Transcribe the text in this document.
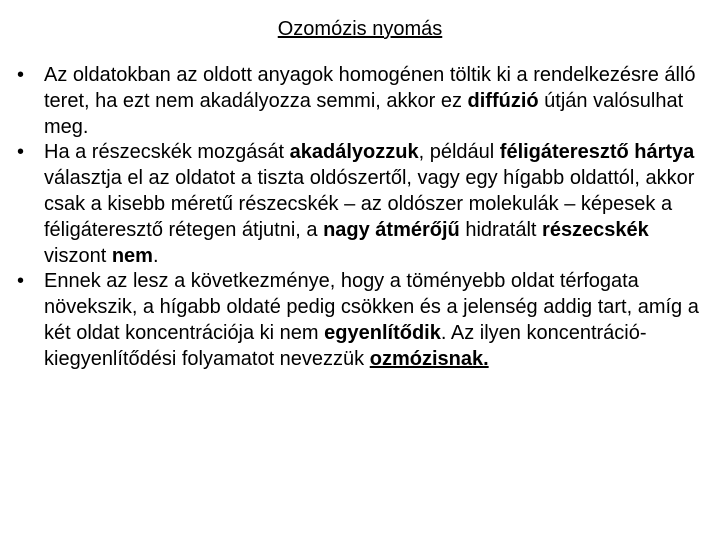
Ozomózis nyomás
• Az oldatokban az oldott anyagok homogénen töltik ki a rendelkezésre álló teret, ha ezt nem akadályozza semmi, akkor ez diffúzió útján valósulhat meg.
• Ha a részecskék mozgását akadályozzuk, például féligáteresztő hártya választja el az oldatot a tiszta oldószertől, vagy egy hígabb oldattól, akkor csak a kisebb méretű részecskék – az oldószer molekulák – képesek a féligáteresztő rétegen átjutni, a nagy átmérőjű hidratált részecskék viszont nem.
• Ennek az lesz a következménye, hogy a töményebb oldat térfogata növekszik, a hígabb oldaté pedig csökken és a jelenség addig tart, amíg a két oldat koncentrációja ki nem egyenlítődik. Az ilyen koncentráció-kiegyenlítődési folyamatot nevezzük ozmózisnak.
